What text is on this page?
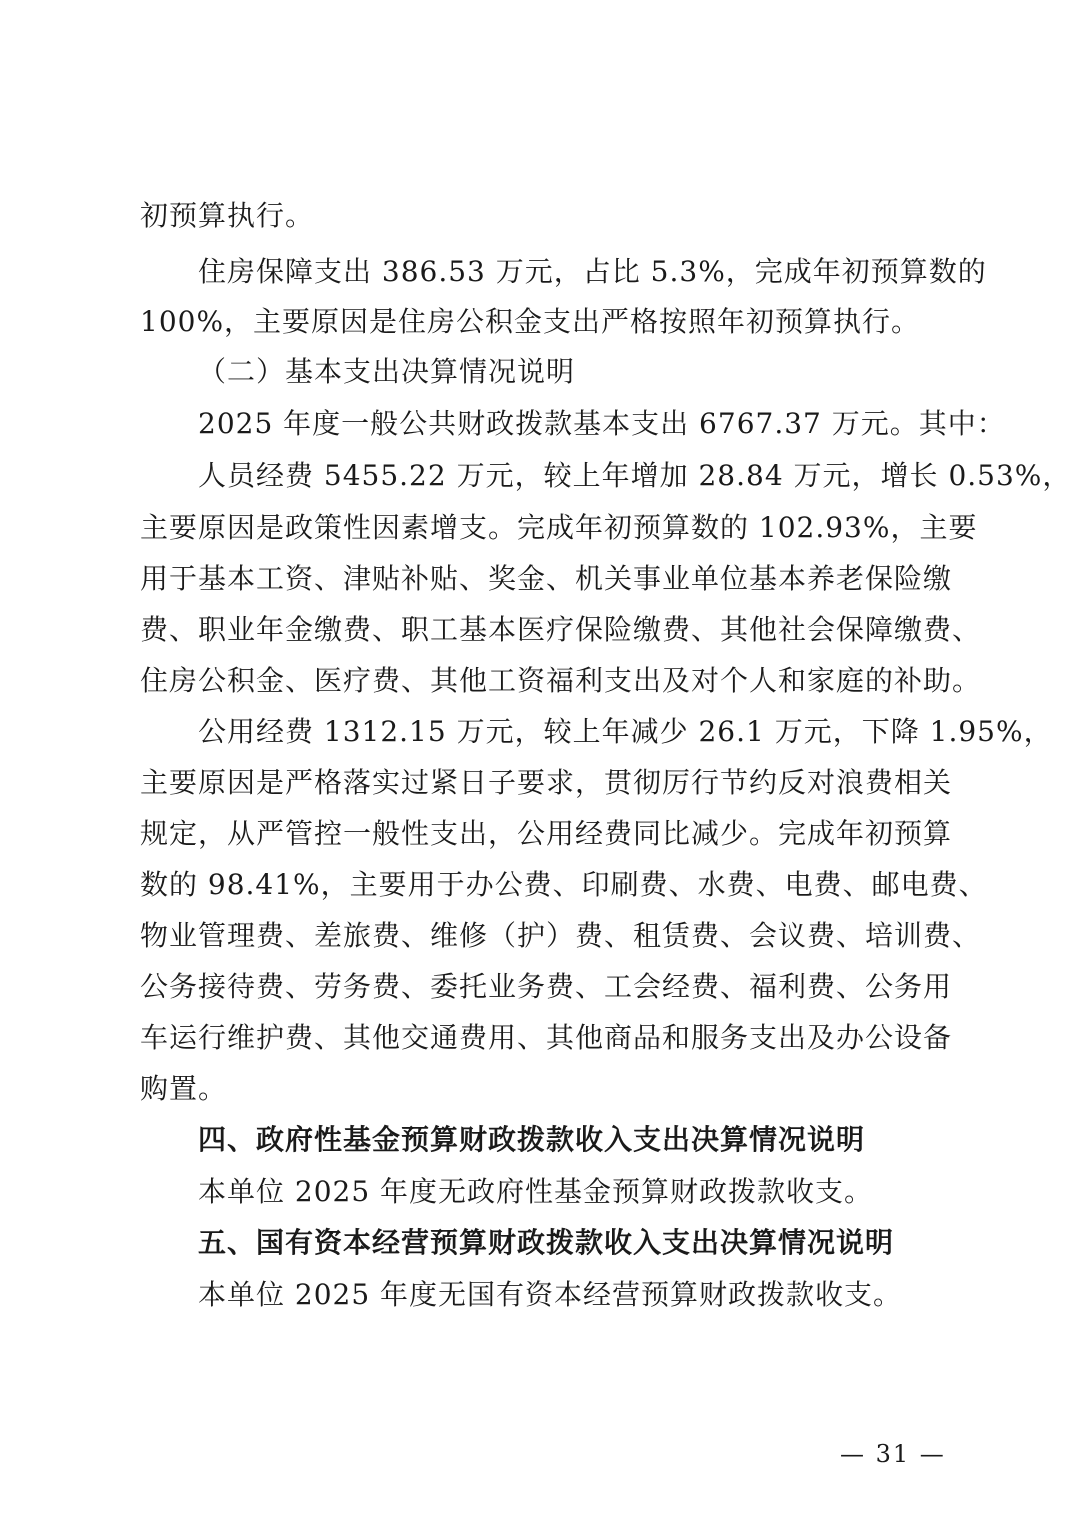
初预算执行。
住房保障支出 386.53 万元，占比 5.3%，完成年初预算数的
100%，主要原因是住房公积金支出严格按照年初预算执行。
（二）基本支出决算情况说明
2025 年度一般公共财政拨款基本支出 6767.37 万元。其中：
人员经费 5455.22 万元，较上年增加 28.84 万元，增长 0.53%，
主要原因是政策性因素增支。完成年初预算数的 102.93%，主要
用于基本工资、津贴补贴、奖金、机关事业单位基本养老保险缴
费、职业年金缴费、职工基本医疗保险缴费、其他社会保障缴费、
住房公积金、医疗费、其他工资福利支出及对个人和家庭的补助。
公用经费 1312.15 万元，较上年减少 26.1 万元，下降 1.95%，
主要原因是严格落实过紧日子要求，贯彻厉行节约反对浪费相关
规定，从严管控一般性支出，公用经费同比减少。完成年初预算
数的 98.41%，主要用于办公费、印刷费、水费、电费、邮电费、
物业管理费、差旅费、维修（护）费、租赁费、会议费、培训费、
公务接待费、劳务费、委托业务费、工会经费、福利费、公务用
车运行维护费、其他交通费用、其他商品和服务支出及办公设备
购置。
四、政府性基金预算财政拨款收入支出决算情况说明
本单位 2025 年度无政府性基金预算财政拨款收支。
五、国有资本经营预算财政拨款收入支出决算情况说明
本单位 2025 年度无国有资本经营预算财政拨款收支。
— 31 —
